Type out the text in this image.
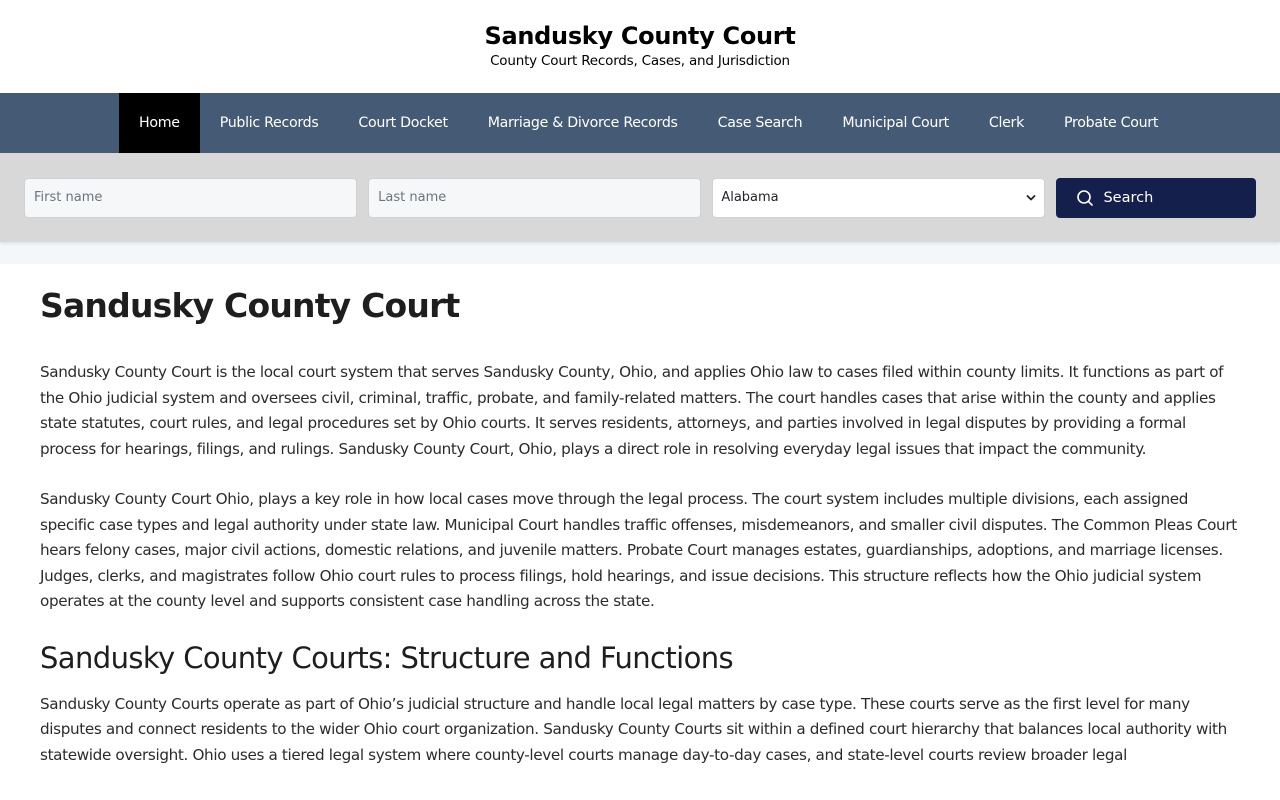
Sandusky County Court
County Court Records, Cases, and Jurisdiction
Home	Public Records	Court Docket	Marriage & Divorce Records	Case Search	Municipal Court	Clerk	Probate Court
First name
Last name
Alabama	Search
Sandusky County Court

Sandusky County Court is the local court system that serves Sandusky County, Ohio, and applies Ohio law to cases filed within county limits. It functions as part of the Ohio judicial system and oversees civil, criminal, traffic, probate, and family-related matters. The court handles cases that arise within the county and applies state statutes, court rules, and legal procedures set by Ohio courts. It serves residents, attorneys, and parties involved in legal disputes by providing a formal process for hearings, filings, and rulings. Sandusky County Court, Ohio, plays a direct role in resolving everyday legal issues that impact the community.

Sandusky County Court Ohio, plays a key role in how local cases move through the legal process. The court system includes multiple divisions, each assigned specific case types and legal authority under state law. Municipal Court handles traffic offenses, misdemeanors, and smaller civil disputes. The Common Pleas Court hears felony cases, major civil actions, domestic relations, and juvenile matters. Probate Court manages estates, guardianships, adoptions, and marriage licenses. Judges, clerks, and magistrates follow Ohio court rules to process filings, hold hearings, and issue decisions. This structure reflects how the Ohio judicial system operates at the county level and supports consistent case handling across the state.

Sandusky County Courts: Structure and Functions

Sandusky County Courts operate as part of Ohio’s judicial structure and handle local legal matters by case type. These courts serve as the first level for many disputes and connect residents to the wider Ohio court organization. Sandusky County Courts sit within a defined court hierarchy that balances local authority with statewide oversight. Ohio uses a tiered legal system where county-level courts manage day-to-day cases, and state-level courts review broader legal
